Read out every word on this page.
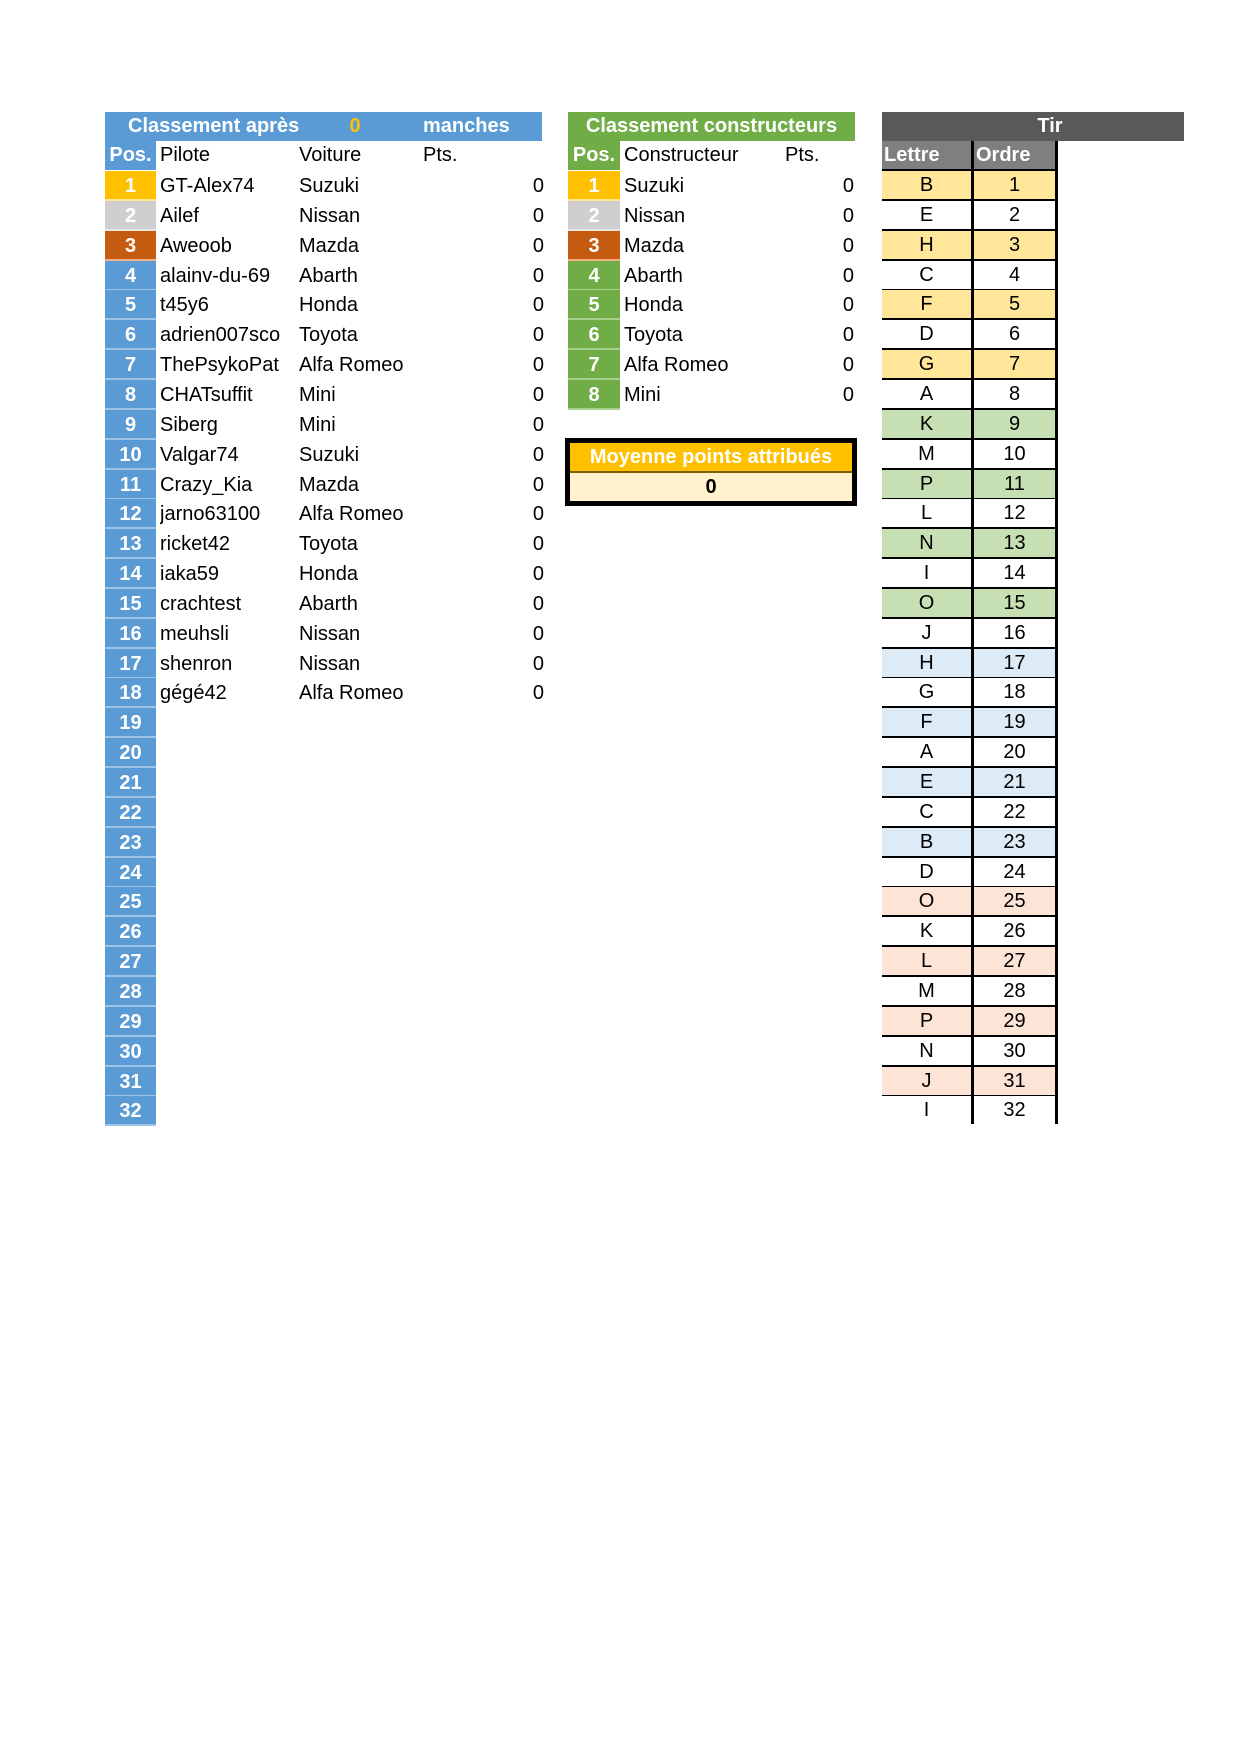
Classement après	0	manches
Pos. Pilote	Voiture	Pts.
1	GT-Alex74	Suzuki	0
2	Ailef	Nissan	0
3	Aweoob	Mazda	0
4	alainv-du-69	Abarth	0
5	t45y6	Honda	0
6	adrien007sco Toyota	0
7	ThePsykoPat	Alfa Romeo	0
8	CHATsuffit	Mini	0
9	Siberg	Mini	0
10 Valgar74	Suzuki	0
11 Crazy_Kia	Mazda	0
12 jarno63100	Alfa Romeo	0
13 ricket42	Toyota	0
14 iaka59	Honda	0
15 crachtest	Abarth	0
16 meuhsli	Nissan	0
17 shenron	Nissan	0
18 gégé42	Alfa Romeo	0
19
20
21
22
23
24
25
26
27
28
29
30
31
32
Classement constructeurs
Pos. Constructeur	Pts.
1	Suzuki	0
2	Nissan	0
3	Mazda	0
4	Abarth	0
5	Honda	0
6	Toyota	0
7	Alfa Romeo	0
8	Mini	0
Moyenne points attribués
0
Tir
Lettre	Ordre
B	1
E	2
H	3
C	4
F	5
D	6
G	7
A	8
K	9
M	10
P	11
L	12
N	13
I	14
O	15
J	16
H	17
G	18
F	19
A	20
E	21
C	22
B	23
D	24
O	25
K	26
L	27
M	28
P	29
N	30
J	31
I	32
